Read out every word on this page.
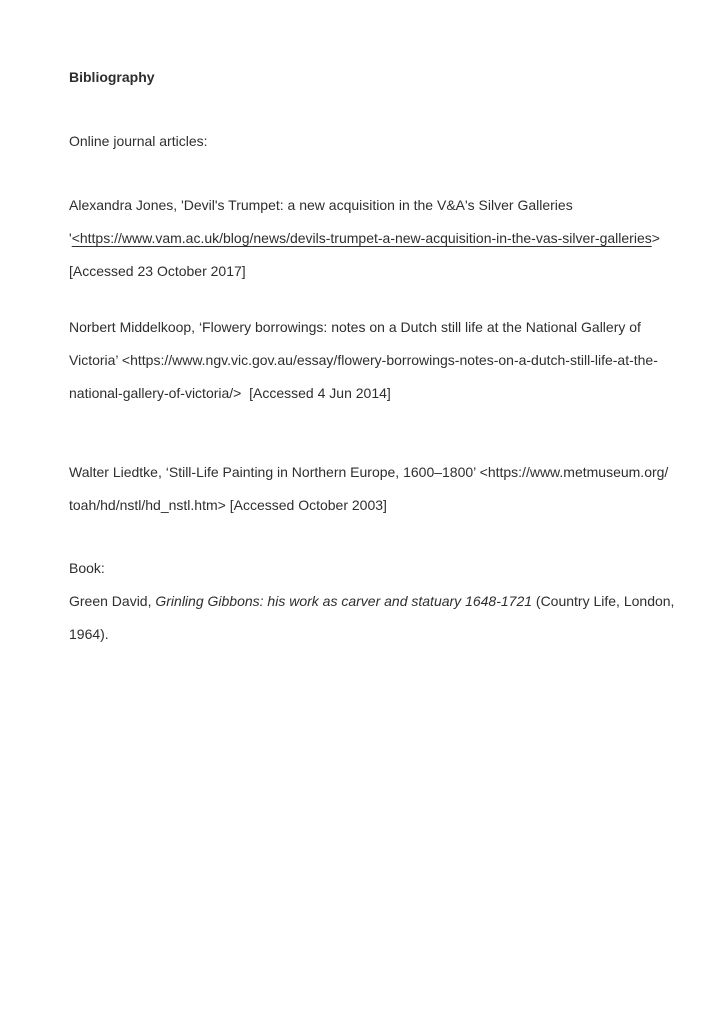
Bibliography
Online journal articles:
Alexandra Jones, 'Devil's Trumpet: a new acquisition in the V&A's Silver Galleries
'<https://www.vam.ac.uk/blog/news/devils-trumpet-a-new-acquisition-in-the-vas-silver-galleries>
[Accessed 23 October 2017]
Norbert Middelkoop, ‘Flowery borrowings: notes on a Dutch still life at the National Gallery of
Victoria’ <https://www.ngv.vic.gov.au/essay/flowery-borrowings-notes-on-a-dutch-still-life-at-the-
national-gallery-of-victoria/>  [Accessed 4 Jun 2014]
Walter Liedtke, ‘Still-Life Painting in Northern Europe, 1600–1800’ <https://www.metmuseum.org/
toah/hd/nstl/hd_nstl.htm> [Accessed October 2003]
Book:
Green David, Grinling Gibbons: his work as carver and statuary 1648-1721 (Country Life, London,
1964).
